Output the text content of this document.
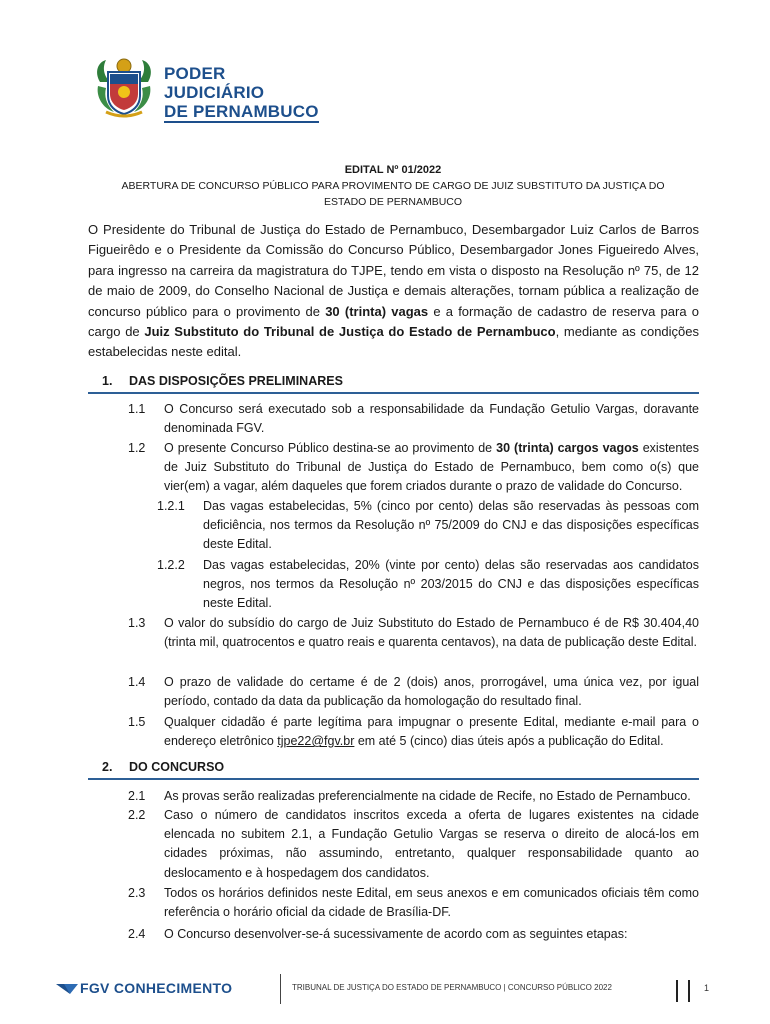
PODER JUDICIÁRIO
DE PERNAMBUCO
EDITAL Nº 01/2022
ABERTURA DE CONCURSO PÚBLICO PARA PROVIMENTO DE CARGO DE JUIZ SUBSTITUTO DA JUSTIÇA DO ESTADO DE PERNAMBUCO
O Presidente do Tribunal de Justiça do Estado de Pernambuco, Desembargador Luiz Carlos de Barros Figueirêdo e o Presidente da Comissão do Concurso Público, Desembargador Jones Figueiredo Alves, para ingresso na carreira da magistratura do TJPE, tendo em vista o disposto na Resolução nº 75, de 12 de maio de 2009, do Conselho Nacional de Justiça e demais alterações, tornam pública a realização de concurso público para o provimento de 30 (trinta) vagas e a formação de cadastro de reserva para o cargo de Juiz Substituto do Tribunal de Justiça do Estado de Pernambuco, mediante as condições estabelecidas neste edital.
1. DAS DISPOSIÇÕES PRELIMINARES
1.1 O Concurso será executado sob a responsabilidade da Fundação Getulio Vargas, doravante denominada FGV.
1.2 O presente Concurso Público destina-se ao provimento de 30 (trinta) cargos vagos existentes de Juiz Substituto do Tribunal de Justiça do Estado de Pernambuco, bem como o(s) que vier(em) a vagar, além daqueles que forem criados durante o prazo de validade do Concurso.
1.2.1 Das vagas estabelecidas, 5% (cinco por cento) delas são reservadas às pessoas com deficiência, nos termos da Resolução nº 75/2009 do CNJ e das disposições específicas deste Edital.
1.2.2 Das vagas estabelecidas, 20% (vinte por cento) delas são reservadas aos candidatos negros, nos termos da Resolução nº 203/2015 do CNJ e das disposições específicas neste Edital.
1.3 O valor do subsídio do cargo de Juiz Substituto do Estado de Pernambuco é de R$ 30.404,40 (trinta mil, quatrocentos e quatro reais e quarenta centavos), na data de publicação deste Edital.
1.4 O prazo de validade do certame é de 2 (dois) anos, prorrogável, uma única vez, por igual período, contado da data da publicação da homologação do resultado final.
1.5 Qualquer cidadão é parte legítima para impugnar o presente Edital, mediante e-mail para o endereço eletrônico tjpe22@fgv.br em até 5 (cinco) dias úteis após a publicação do Edital.
2. DO CONCURSO
2.1 As provas serão realizadas preferencialmente na cidade de Recife, no Estado de Pernambuco.
2.2 Caso o número de candidatos inscritos exceda a oferta de lugares existentes na cidade elencada no subitem 2.1, a Fundação Getulio Vargas se reserva o direito de alocá-los em cidades próximas, não assumindo, entretanto, qualquer responsabilidade quanto ao deslocamento e à hospedagem dos candidatos.
2.3 Todos os horários definidos neste Edital, em seus anexos e em comunicados oficiais têm como referência o horário oficial da cidade de Brasília-DF.
2.4 O Concurso desenvolver-se-á sucessivamente de acordo com as seguintes etapas:
FGV CONHECIMENTO	TRIBUNAL DE JUSTIÇA DO ESTADO DE PERNAMBUCO | CONCURSO PÚBLICO 2022	1
